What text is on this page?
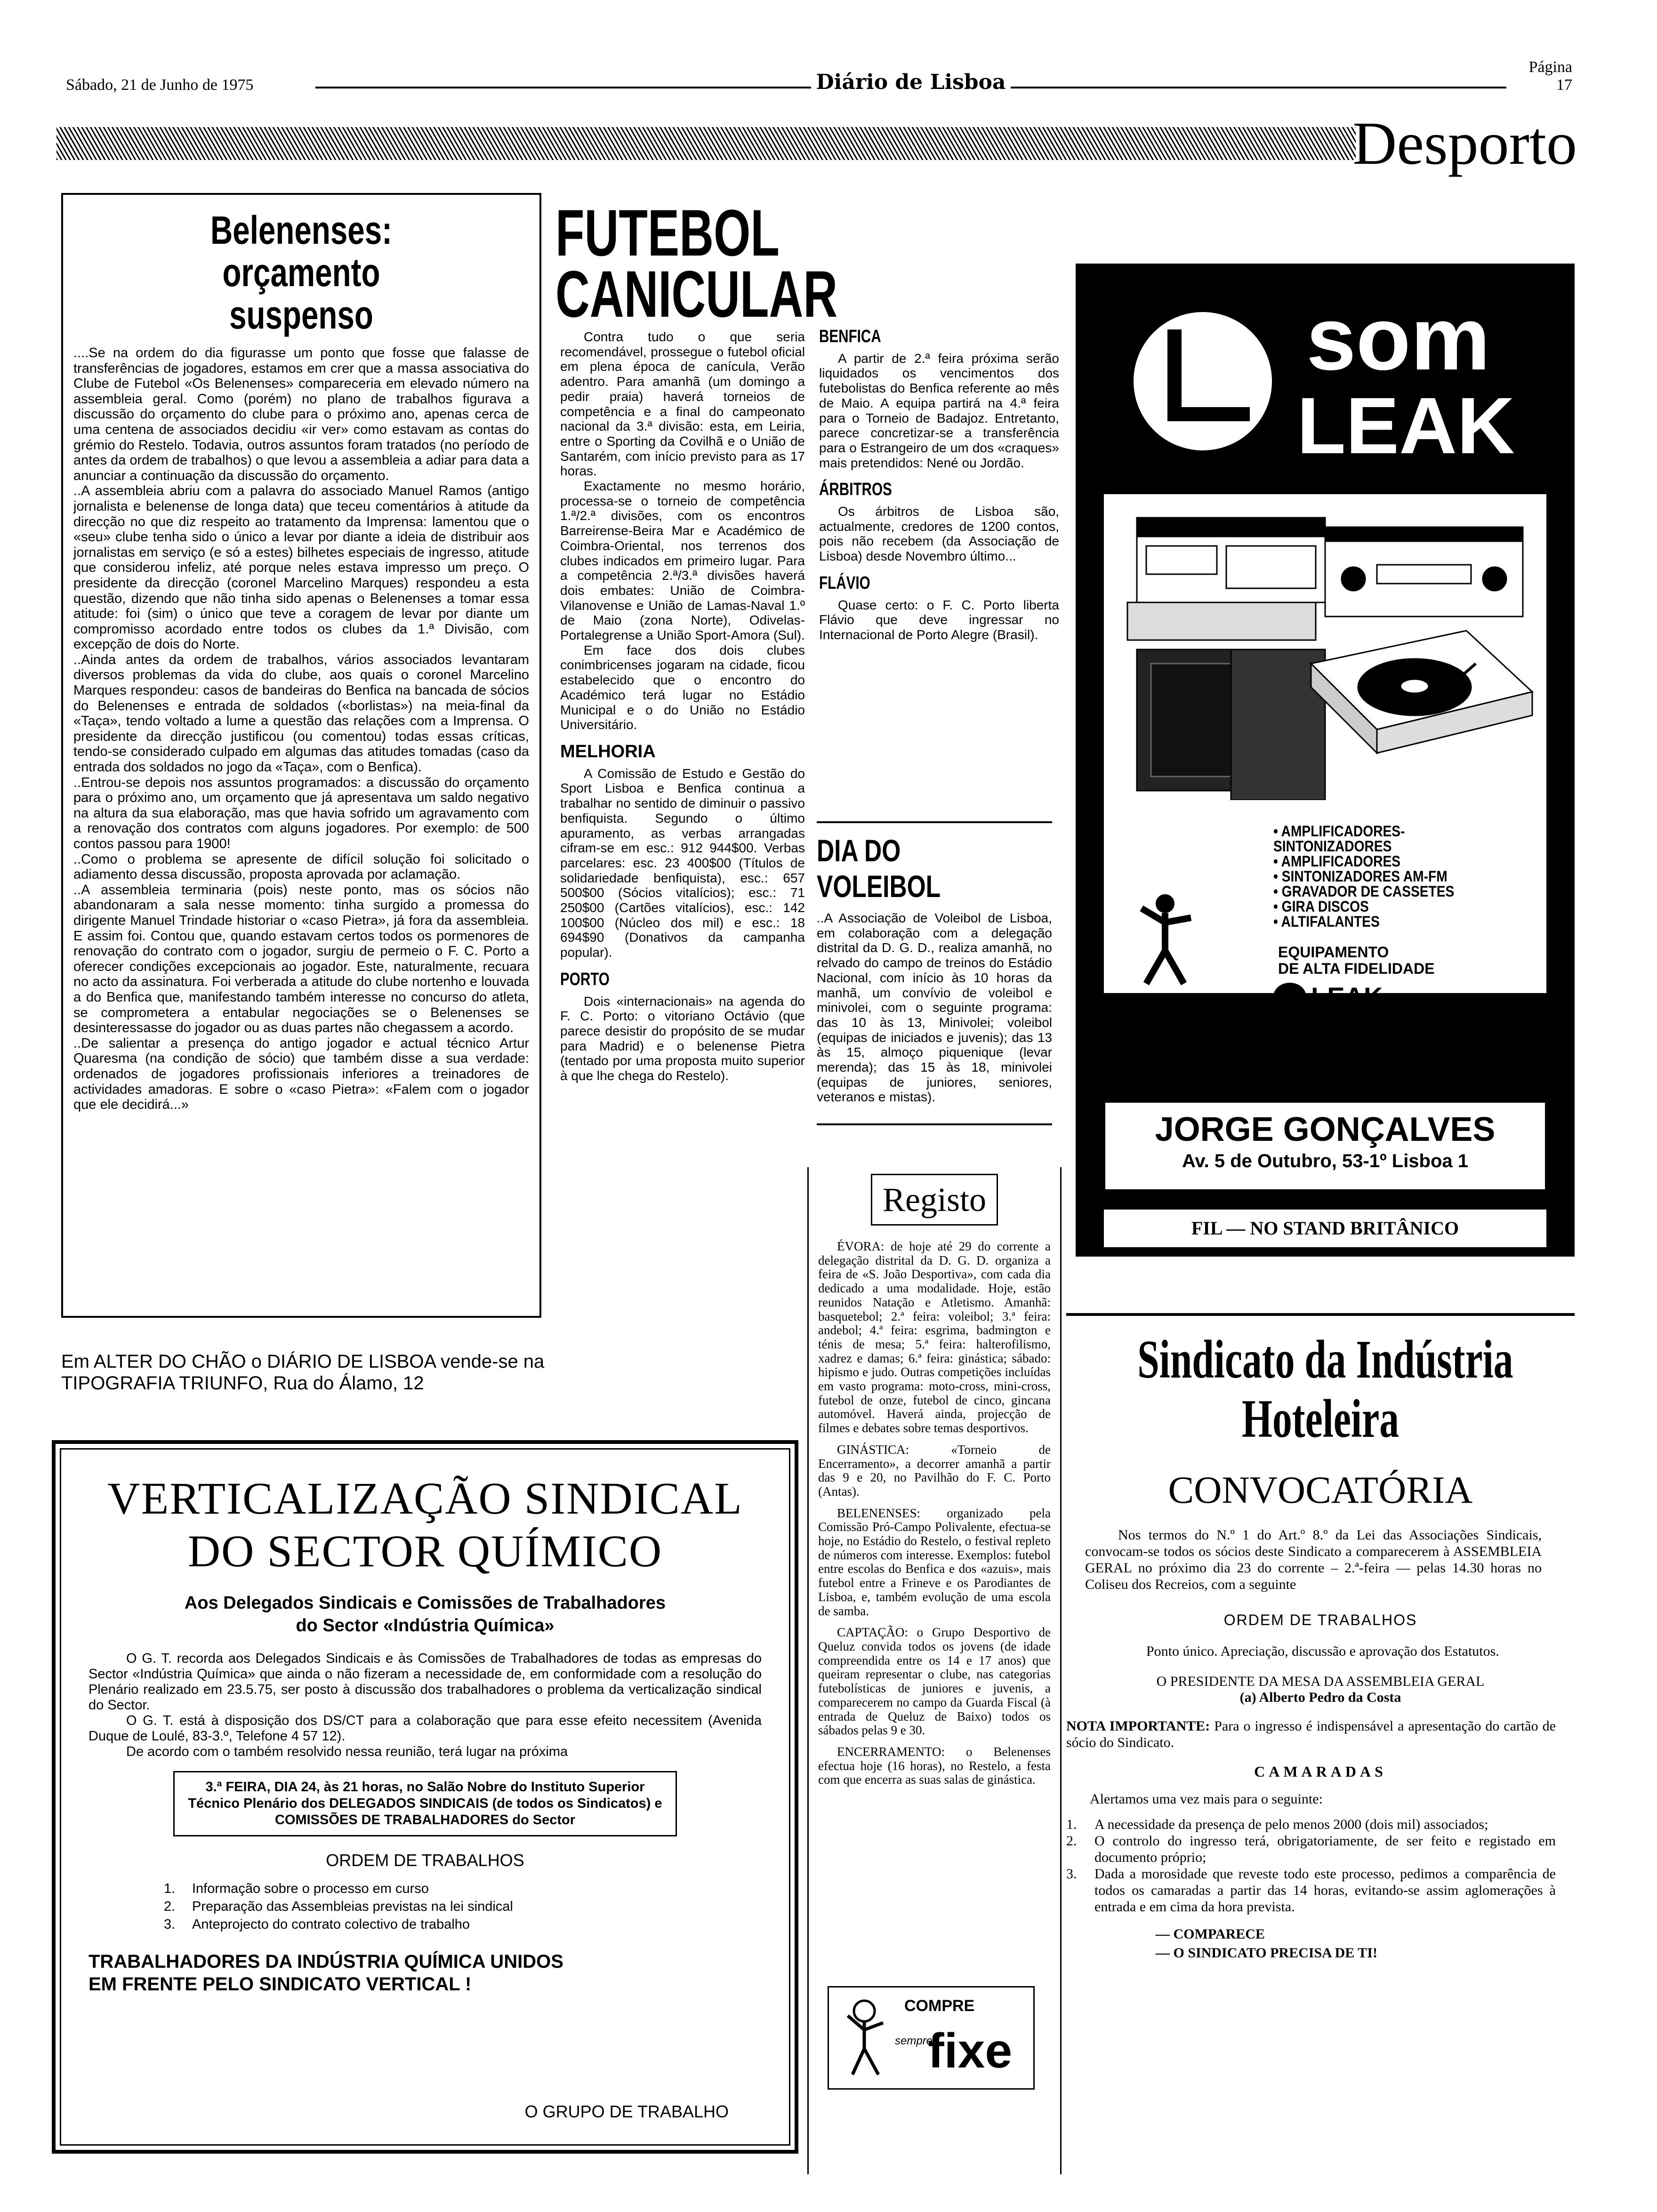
Sábado, 21 de Junho de 1975	Diário de Lisboa
Página 17
Desporto
Belenenses:
orçamento suspenso

....Se na ordem do dia figurasse um ponto que fosse que falasse de transferências de jogadores, estamos em crer que a massa associativa do Clube de Futebol «Os Belenenses» compareceria em elevado número na assembleia geral. Como (porém) no plano de trabalhos figurava a discussão do orçamento do clube para o próximo ano, apenas cerca de uma centena de associados decidiu «ir ver» como estavam as contas do grémio do Restelo. Todavia, outros assuntos foram tratados (no período de antes da ordem de trabalhos) o que levou a assembleia a adiar para data a anunciar a continuação da discussão do orçamento.

..A assembleia abriu com a palavra do associado Manuel Ramos (antigo jornalista e belenense de longa data) que teceu comentários à atitude da direcção no que diz respeito ao tratamento da Imprensa: lamentou que o «seu» clube tenha sido o único a levar por diante a ideia de distribuir aos jornalistas em serviço (e só a estes) bilhetes especiais de ingresso, atitude que considerou infeliz, até porque neles estava impresso um preço. O presidente da direcção (coronel Marcelino Marques) respondeu a esta questão, dizendo que não tinha sido apenas o Belenenses a tomar essa atitude: foi (sim) o único que teve a coragem de levar por diante um compromisso acordado entre todos os clubes da 1.ª Divisão, com excepção de dois do Norte.

..Ainda antes da ordem de trabalhos, vários associados levantaram diversos problemas da vida do clube, aos quais o coronel Marcelino Marques respondeu: casos de bandeiras do Benfica na bancada de sócios do Belenenses e entrada de soldados («borlistas») na meia-final da «Taça», tendo voltado a lume a questão das relações com a Imprensa. O presidente da direcção justificou (ou comentou) todas essas críticas, tendo-se considerado culpado em algumas das atitudes tomadas (caso da entrada dos soldados no jogo da «Taça», com o Benfica).

..Entrou-se depois nos assuntos programados: a discussão do orçamento para o próximo ano, um orçamento que já apresentava um saldo negativo na altura da sua elaboração, mas que havia sofrido um agravamento com a renovação dos contratos com alguns jogadores. Por exemplo: de 500 contos passou para 1900!

..Como o problema se apresente de difícil solução foi solicitado o adiamento dessa discussão, proposta aprovada por aclamação.

..A assembleia terminaria (pois) neste ponto, mas os sócios não abandonaram a sala nesse momento: tinha surgido a promessa do dirigente Manuel Trindade historiar o «caso Pietra», já fora da assembleia. E assim foi. Contou que, quando estavam certos todos os pormenores de renovação do contrato com o jogador, surgiu de permeio o F. C. Porto a oferecer condições excepcionais ao jogador. Este, naturalmente, recuara no acto da assinatura. Foi verberada a atitude do clube nortenho e louvada a do Benfica que, manifestando também interesse no concurso do atleta, se comprometera a entabular negociações se o Belenenses se desinteressasse do jogador ou as duas partes não chegassem a acordo.

..De salientar a presença do antigo jogador e actual técnico Artur Quaresma (na condição de sócio) que também disse a sua verdade: ordenados de jogadores profissionais inferiores a treinadores de actividades amadoras. E sobre o «caso Pietra»: «Falem com o jogador que ele decidirá...»

Em ALTER DO CHÃO o DIÁRIO DE LISBOA vende-se na TIPOGRAFIA TRIUNFO, Rua do Álamo, 12
FUTEBOL
CANICULAR

Contra tudo o que seria recomendável, prossegue o futebol oficial em plena época de canícula, Verão adentro. Para amanhã (um domingo a pedir praia) haverá torneios de competência e a final do campeonato nacional da 3.ª divisão: esta, em Leiria, entre o Sporting da Covilhã e o União de Santarém, com início previsto para as 17 horas.

Exactamente no mesmo horário, processa-se o torneio de competência 1.ª/2.ª divisões, com os encontros Barreirense-Beira Mar e Académico de Coimbra-Oriental, nos terrenos dos clubes indicados em primeiro lugar. Para a competência 2.ª/3.ª divisões haverá dois embates: União de Coimbra-Vilanovense e União de Lamas-Naval 1.º de Maio (zona Norte), Odivelas-Portalegrense a União Sport-Amora (Sul).

Em face dos dois clubes conimbricenses jogaram na cidade, ficou estabelecido que o encontro do Académico terá lugar no Estádio Municipal e o do União no Estádio Universitário.

MELHORIA

A Comissão de Estudo e Gestão do Sport Lisboa e Benfica continua a trabalhar no sentido de diminuir o passivo benfiquista. Segundo o último apuramento, as verbas arrangadas cifram-se em esc.: 912 944$00. Verbas parcelares: esc. 23 400$00 (Títulos de solidariedade benfiquista), esc.: 657 500$00 (Sócios vitalícios); esc.: 71 250$00 (Cartões vitalícios), esc.: 142 100$00 (Núcleo dos mil) e esc.: 18 694$90 (Donativos da campanha popular).

PORTO

Dois «internacionais» na agenda do F. C. Porto: o vitoriano Octávio (que parece desistir do propósito de se mudar para Madrid) e o belenense Pietra (tentado por uma proposta muito superior à que lhe chega do Restelo).

BENFICA

A partir de 2.ª feira próxima serão liquidados os vencimentos dos futebolistas do Benfica referente ao mês de Maio. A equipa partirá na 4.ª feira para o Torneio de Badajoz. Entretanto, parece concretizar-se a transferência para o Estrangeiro de um dos «craques» mais pretendidos: Nené ou Jordão.

ÁRBITROS

Os árbitros de Lisboa são, actualmente, credores de 1200 contos, pois não recebem (da Associação de Lisboa) desde Novembro último...

FLÁVIO

Quase certo: o F. C. Porto liberta Flávio que deve ingressar no Internacional de Porto Alegre (Brasil).

DIA DO VOLEIBOL
..A Associação de Voleibol de Lisboa, em colaboração com a delegação distrital da D. G. D., realiza amanhã, no relvado do campo de treinos do Estádio Nacional, com início às 10 horas da manhã, um convívio de voleibol e minivolei, com o seguinte programa: das 10 às 13, Minivolei; voleibol (equipas de iniciados e juvenis); das 13 às 15, almoço piquenique (levar merenda); das 15 às 18, minivolei (equipas de juniores, seniores, veteranos e mistas).
Registo

ÉVORA: de hoje até 29 do corrente a delegação distrital da D. G. D. organiza a feira de «S. João Desportiva», com cada dia dedicado a uma modalidade. Hoje, estão reunidos Natação e Atletismo. Amanhã: basquetebol; 2.ª feira: voleibol; 3.ª feira: andebol; 4.ª feira: esgrima, badmington e ténis de mesa; 5.ª feira: halterofilismo, xadrez e damas; 6.ª feira: ginástica; sábado: hipismo e judo. Outras competições incluídas em vasto programa: moto-cross, mini-cross, futebol de onze, futebol de cinco, gincana automóvel. Haverá ainda, projecção de filmes e debates sobre temas desportivos.

GINÁSTICA: «Torneio de Encerramento», a decorrer amanhã a partir das 9 e 20, no Pavilhão do F. C. Porto (Antas).

BELENENSES: organizado pela Comissão Pró-Campo Polivalente, efectua-se hoje, no Estádio do Restelo, o festival repleto de números com interesse. Exemplos: futebol entre escolas do Benfica e dos «azuis», mais futebol entre a Frineve e os Parodiantes de Lisboa, e, também evolução de uma escola de samba.

CAPTAÇÃO: o Grupo Desportivo de Queluz convida todos os jovens (de idade compreendida entre os 14 e 17 anos) que queiram representar o clube, nas categorias futebolísticas de juniores e juvenis, a comparecerem no campo da Guarda Fiscal (à entrada de Queluz de Baixo) todos os sábados pelas 9 e 30.

ENCERRAMENTO: o Belenenses efectua hoje (16 horas), no Restelo, a festa com que encerra as suas salas de ginástica.

COMPRE
sempre
fixe
som
LEAK
• AMPLIFICADORES-SINTONIZADORES
• AMPLIFICADORES
• SINTONIZADORES AM-FM
• GRAVADOR DE CASSETES
• GIRA DISCOS
• ALTIFALANTES
EQUIPAMENTO
DE ALTA FIDELIDADE
LEAK
UM PRODUTO
RANK RADIO INTERNATIONAL LIMITED
JORGE GONÇALVES
Av. 5 de Outubro, 53-1º Lisboa 1
FIL — NO STAND BRITÂNICO
VERTICALIZAÇÃO SINDICAL
DO SECTOR QUÍMICO
Aos Delegados Sindicais e Comissões de Trabalhadores
do Sector «Indústria Química»

O G. T. recorda aos Delegados Sindicais e às Comissões de Trabalhadores de todas as empresas do Sector «Indústria Química» que ainda o não fizeram a necessidade de, em conformidade com a resolução do Plenário realizado em 23.5.75, ser posto à discussão dos trabalhadores o problema da verticalização sindical do Sector.

O G. T. está à disposição dos DS/CT para a colaboração que para esse efeito necessitem (Avenida Duque de Loulé, 83-3.º, Telefone 4 57 12).

De acordo com o também resolvido nessa reunião, terá lugar na próxima

3.ª FEIRA, DIA 24, às 21 horas, no Salão Nobre do Instituto Superior Técnico Plenário dos DELEGADOS SINDICAIS (de todos os Sindicatos) e COMISSÕES DE TRABALHADORES do Sector
ORDEM DE TRABALHOS
1. Informação sobre o processo em curso
2. Preparação das Assembleias previstas na lei sindical
3. Anteprojecto do contrato colectivo de trabalho
TRABALHADORES DA INDÚSTRIA QUÍMICA UNIDOS
EM FRENTE PELO SINDICATO VERTICAL !
O GRUPO DE TRABALHO
Sindicato da Indústria
Hoteleira
CONVOCATÓRIA
Nos termos do N.º 1 do Art.º 8.º da Lei das Associações Sindicais, convocam-se todos os sócios deste Sindicato a comparecerem à ASSEMBLEIA GERAL no próximo dia 23 do corrente – 2.ª-feira — pelas 14.30 horas no Coliseu dos Recreios, com a seguinte
ORDEM DE TRABALHOS
Ponto único. Apreciação, discussão e aprovação dos Estatutos.
O PRESIDENTE DA MESA DA ASSEMBLEIA GERAL
(a) Alberto Pedro da Costa
NOTA IMPORTANTE: Para o ingresso é indispensável a apresentação do cartão de sócio do Sindicato.
CAMARADAS
Alertamos uma vez mais para o seguinte:
1.	A necessidade da presença de pelo menos 2000 (dois mil) associados;
2.	O controlo do ingresso terá, obrigatoriamente, de ser feito e registado em documento próprio;
3.	Dada a morosidade que reveste todo este processo, pedimos a comparência de todos os camaradas a partir das 14 horas, evitando-se assim aglomerações à entrada e em cima da hora prevista.
— COMPARECE
— O SINDICATO PRECISA DE TI!
